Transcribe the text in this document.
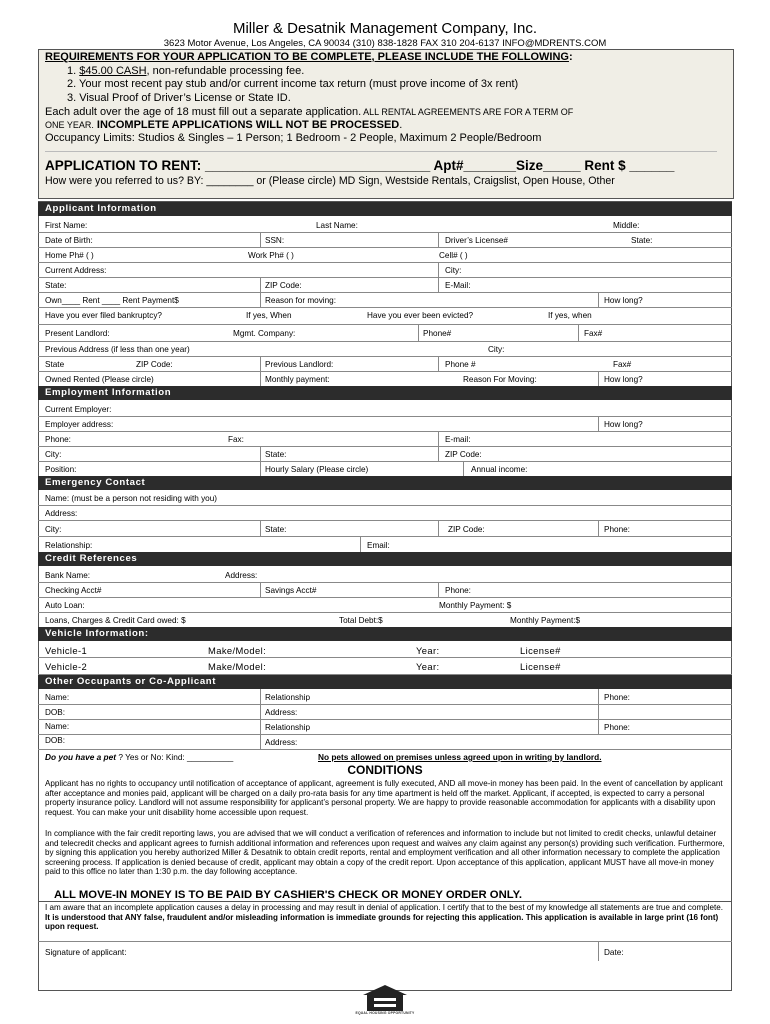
Miller & Desatnik Management Company, Inc.
3623 Motor Avenue, Los Angeles, CA 90034 (310) 838-1828 FAX 310 204-6137 INFO@MDRENTS.COM
REQUIREMENTS FOR YOUR APPLICATION TO BE COMPLETE, PLEASE INCLUDE THE FOLLOWING:
1. $45.00 CASH, non-refundable processing fee.
2. Your most recent pay stub and/or current income tax return (must prove income of 3x rent)
3. Visual Proof of Driver’s License or State ID.
Each adult over the age of 18 must fill out a separate application. ALL RENTAL AGREEMENTS ARE FOR A TERM OF
ONE YEAR. INCOMPLETE APPLICATIONS WILL NOT BE PROCESSED.
Occupancy Limits: Studios & Singles – 1 Person; 1 Bedroom - 2 People, Maximum 2 People/Bedroom
APPLICATION TO RENT: ______________________________ Apt#_______Size_____ Rent $ ______
How were you referred to us? BY: ________ or (Please circle) MD Sign, Westside Rentals, Craigslist, Open House, Other
Applicant Information
First Name:	Last Name:	Middle:
Date of Birth:	SSN:	Driver’s License#	State:
Home Ph# ( )	Work Ph# ( )	Cell# ( )
Current Address:	City:
State:	ZIP Code:	E-Mail:
Own____ Rent ____ Rent Payment$	Reason for moving:	How long?
Have you ever filed bankruptcy?	If yes, When	Have you ever been evicted?	If yes, when
Present Landlord:	Mgmt. Company:	Phone#	Fax#
Previous Address (if less than one year)	City:
State	ZIP Code:	Previous Landlord:	Phone #	Fax#
Owned Rented (Please circle)	Monthly payment:	Reason For Moving:	How long?
Employment Information
Current Employer:
Employer address:	How long?
Phone:	Fax:	E-mail:
City:	State:	ZIP Code:
Position:	Hourly Salary (Please circle)	Annual income:
Emergency Contact
Name: (must be a person not residing with you)
Address:
City:	State:	ZIP Code:	Phone:
Relationship:	Email:
Credit References
Bank Name:	Address:
Checking Acct#	Savings Acct#	Phone:
Auto Loan:	Monthly Payment: $
Loans, Charges & Credit Card owed: $	Total Debt:$	Monthly Payment:$
Vehicle Information:
Vehicle-1	Make/Model:	Year:	License#
Vehicle-2	Make/Model:	Year:	License#
Other Occupants or Co-Applicant
Name:	Relationship	Phone:
DOB:	Address:
Name:	Relationship	Phone:
DOB:	Address:
Do you have a pet ? Yes or No: Kind: __________	No pets allowed on premises unless agreed upon in writing by landlord.
CONDITIONS
Applicant has no rights to occupancy until notification of acceptance of applicant, agreement is fully executed, AND all move-in money has been paid. In the event of cancellation by applicant after acceptance and monies paid, applicant will be charged on a daily pro-rata basis for any time apartment is held off the market. Applicant, if accepted, is expected to carry a personal property insurance policy. Landlord will not assume responsibility for applicant’s personal property. We are happy to provide reasonable accommodation for applicants with a disability upon request. You can make your unit disability home accessible upon request.
In compliance with the fair credit reporting laws, you are advised that we will conduct a verification of references and information to include but not limited to credit checks, unlawful detainer and telecredit checks and applicant agrees to furnish additional information and references upon request and waives any claim against any person(s) providing such verification. Furthermore, by signing this application you hereby authorized Miller & Desatnik to obtain credit reports, rental and employment verification and all other information necessary to complete the application screening process. If application is denied because of credit, applicant may obtain a copy of the credit report. Upon acceptance of this application, applicant MUST have all move-in money paid to this office no later than 1:30 p.m. the day following acceptance.
ALL MOVE-IN MONEY IS TO BE PAID BY CASHIER'S CHECK OR MONEY ORDER ONLY.
I am aware that an incomplete application causes a delay in processing and may result in denial of application. I certify that to the best of my knowledge all statements are true and complete. It is understood that ANY false, fraudulent and/or misleading information is immediate grounds for rejecting this application. This application is available in large print (16 font) upon request.
Signature of applicant:	Date:
EQUAL HOUSING OPPORTUNITY
